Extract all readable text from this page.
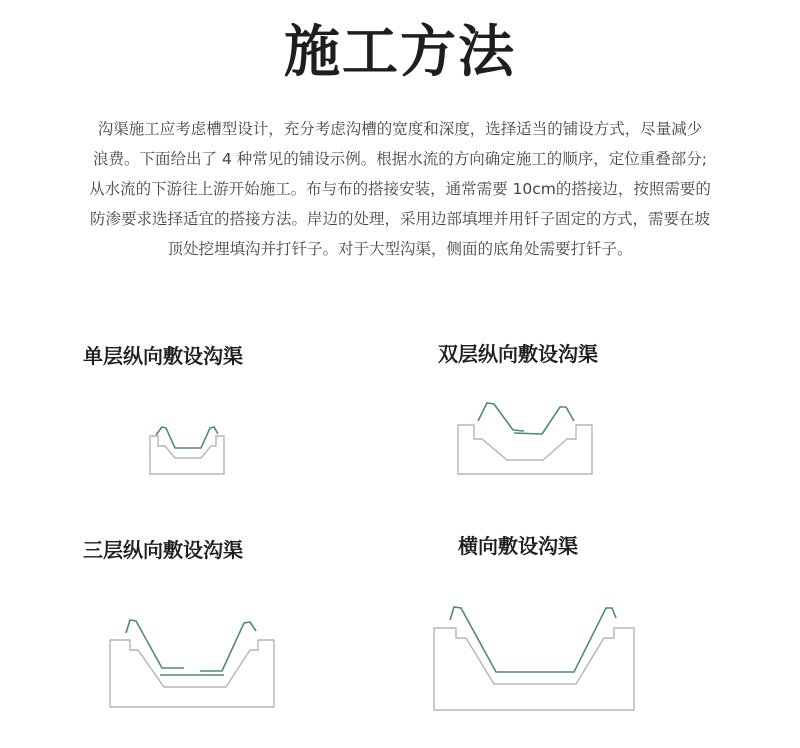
施工方法
沟渠施工应考虑槽型设计，充分考虑沟槽的宽度和深度，选择适当的铺设方式，尽量减少
浪费。下面给出了 4 种常见的铺设示例。根据水流的方向确定施工的顺序，定位重叠部分;
从水流的下游往上游开始施工。布与布的搭接安装，通常需要 10cm的搭接边，按照需要的
防渗要求选择适宜的搭接方法。岸边的处理，采用边部填埋并用钎子固定的方式，需要在坡
顶处挖埋填沟并打钎子。对于大型沟渠，侧面的底角处需要打钎子。
单层纵向敷设沟渠	双层纵向敷设沟渠
三层纵向敷设沟渠	横向敷设沟渠
